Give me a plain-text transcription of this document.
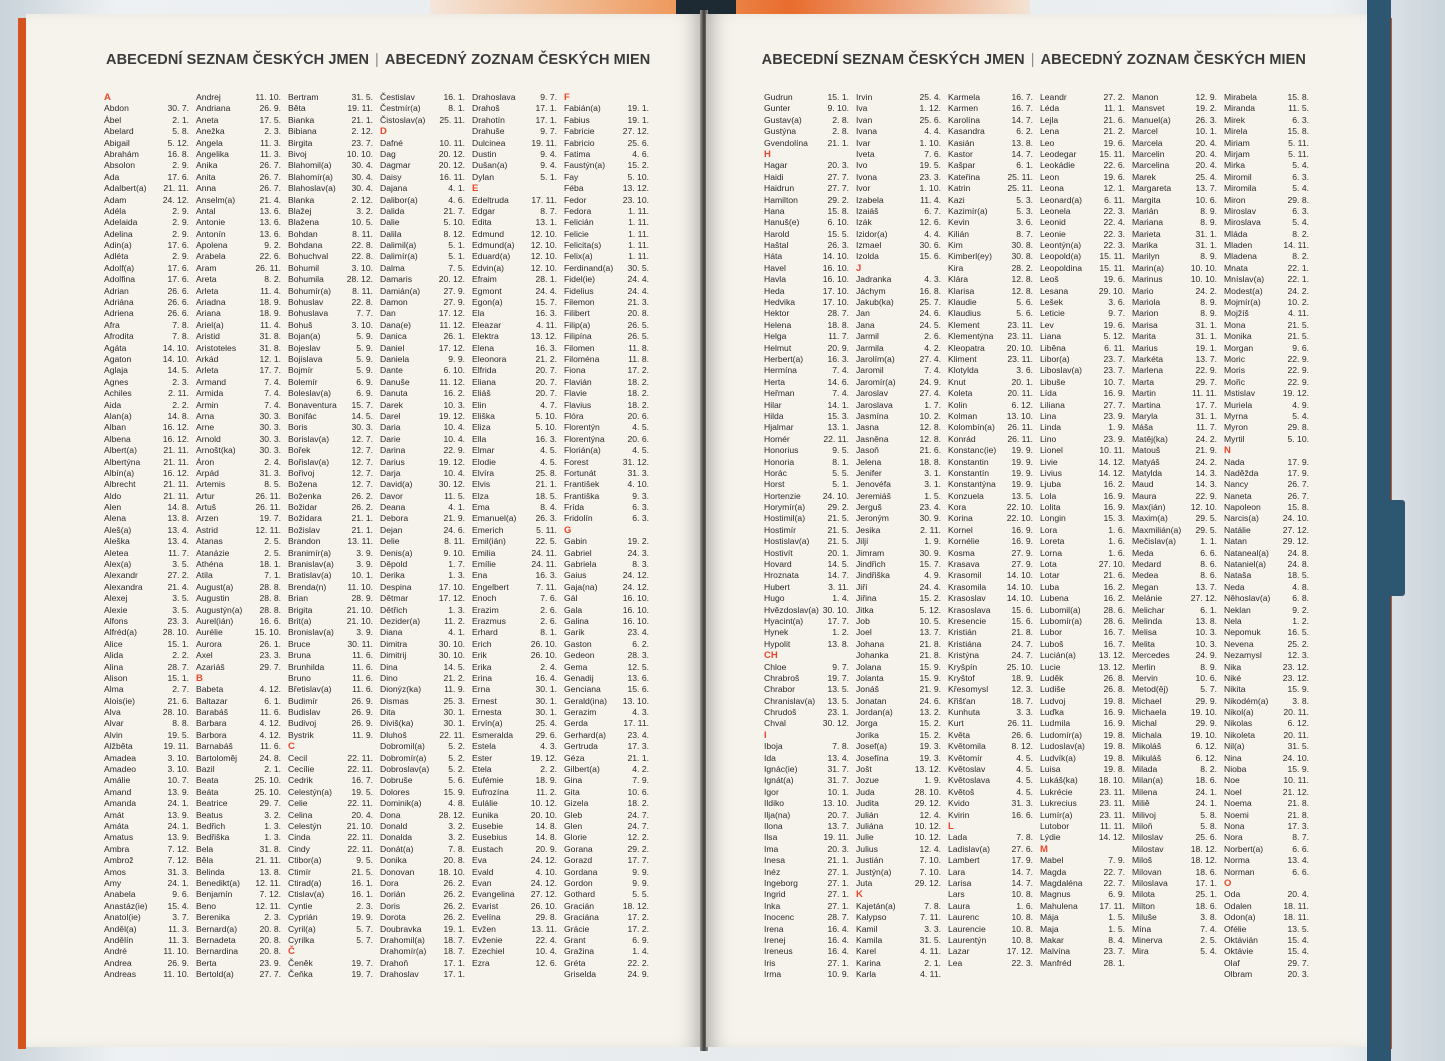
ABECEDNÍ SEZNAM ČESKÝCH JMEN | ABECEDNÝ ZOZNAM ČESKÝCH MIEN
A
Abdon	30. 7.
Ábel	2. 1.
Abelard	5. 8.
Abigail	5. 12.
Abrahám	16. 8.
Absolon	2. 9.
Ada	17. 6.
Adalbert(a) 21. 11.
Adam	24. 12.
Adéla	2. 9.
Adelaida	2. 9.
Adelina	2. 9.
Adin(a)	17. 6.
Adléta	2. 9.
Adolf(a)	17. 6.
Adolfina	17. 6.
Adrian	26. 6.
Adriána	26. 6.
Adriena	26. 6.
Afra	7. 8.
Afrodita	7. 8.
Agáta	14. 10.
Agaton	14. 10.
Aglaja	14. 5.
Agnes	2. 3.
Achiles	2. 11.
Aida	2. 2.
Alan(a)	14. 8.
Alban	16. 12.
Albena	16. 12.
Albert(a)	21. 11.
Albertýna	21. 11.
Albín(a)	16. 12.
Albrecht	21. 11.
Aldo	21. 11.
Alen	14. 8.
Alena	13. 8.
Aleš(a)	13. 4.
Aleška	13. 4.
Aletea	11. 7.
Alex(a)	3. 5.
Alexandr	27. 2.
Alexandra	21. 4.
Alexej	3. 5.
Alexie	3. 5.
Alfons	23. 3.
Alfréd(a)	28. 10.
Alice	15. 1.
Alida	2. 2.
Alina	28. 7.
Alison	15. 1.
Alma	2. 7.
Alois(ie)	21. 6.
Alva	28. 10.
Alvar	8. 8.
Alvin	19. 5.
Alžběta	19. 11.
Amadea	3. 10.
Amadeo	3. 10.
Amálie	10. 7.
Amand	13. 9.
Amanda	24. 1.
Amát	13. 9.
Amáta	24. 1.
Amatus	13. 9.
Ambra	7. 12.
Ambrož	7. 12.
Amos	31. 3.
Amy	24. 1.
Anabela	9. 6.
Anastáz(ie) 15. 4.
Anatol(ie)	3. 7.
Anděl(a)	11. 3.
Andělín	11. 3.
André	11. 10.
Andrea	26. 9.
Andreas	11. 10.
Andrej	11. 10.
Andriana	26. 9.
Aneta	17. 5.
Anežka	2. 3.
Angela	11. 3.
Angelika	11. 3.
Anika	26. 7.
Anita	26. 7.
Anna	26. 7.
Anselm(a)	21. 4.
Antal	13. 6.
Antonie	13. 6.
Antonín	13. 6.
Apolena	9. 2.
Arabela	22. 6.
Aram	26. 11.
Areta	8. 2.
Arleta	11. 4.
Ariadna	18. 9.
Ariana	18. 9.
Ariel(a)	11. 4.
Aristid	31. 8.
Aristoteles	31. 8.
Arkád	12. 1.
Arleta	17. 7.
Armand	7. 4.
Armida	7. 4.
Armin	7. 4.
Arna	30. 3.
Arne	30. 3.
Arnold	30. 3.
Arnošt(ka)	30. 3.
Áron	2. 4.
Arpád	31. 3.
Artemis	8. 5.
Artur	26. 11.
Artuš	26. 11.
Arzen	19. 7.
Astrid	12. 11.
Atanas	2. 5.
Atanázie	2. 5.
Athéna	18. 1.
Atila	7. 1.
August(a)	28. 8.
Augustin	28. 8.
Augustýn(a) 28. 8.
Aurel(ián)	16. 6.
Aurélie	15. 10.
Aurora	26. 1.
Axel	23. 3.
Azariáš	29. 7.
B
Babeta	4. 12.
Baltazar	6. 1.
Barabáš	11. 6.
Barbara	4. 12.
Barbora	4. 12.
Barnabáš	11. 6.
Bartoloměj	24. 8.
Bazil	2. 1.
Beata	25. 10.
Beáta	25. 10.
Beatrice	29. 7.
Beatus	3. 2.
Bedřich	1. 3.
Bedřiška	1. 3.
Bela	31. 8.
Běla	21. 11.
Belinda	13. 8.
Benedikt(a) 12. 11.
Benjamín	7. 12.
Beno	12. 11.
Berenika	2. 3.
Bernard(a)	20. 8.
Bernadeta	20. 8.
Bernardina 20. 8.
Berta	23. 9.
Bertold(a)	27. 7.
Bertram	31. 5.
Běta	19. 11.
Bianka	21. 1.
Bibiana	2. 12.
Birgita	23. 7.
Bivoj	10. 10.
Blahomil(a) 30. 4.
Blahomír(a) 30. 4.
Blahoslav(a) 30. 4.
Blanka	2. 12.
Blažej	3. 2.
Blažena	10. 5.
Bohdan	8. 11.
Bohdana	22. 8.
Bohuchval	22. 8.
Bohumil	3. 10.
Bohumila	28. 12.
Bohumír(a) 8. 11.
Bohuslav	22. 8.
Bohuslava	7. 7.
Bohuš	3. 10.
Bojan(a)	5. 9.
Bojeslav	5. 9.
Bojislava	5. 9.
Bojmír	5. 9.
Bolemír	6. 9.
Boleslav(a)	6. 9.
Bonaventura 15. 7.
Bonifác	14. 5.
Boris	30. 3.
Borislav(a)	12. 7.
Bořek	12. 7.
Bořislav(a)	12. 7.
Bořivoj	12. 7.
Božena	12. 7.
Boženka	26. 2.
Božidar	26. 2.
Božidara	21. 1.
Božislav	21. 1.
Brandon	13. 11.
Branimír(a)	3. 9.
Branislav(a)	3. 9.
Bratislav(a) 10. 1.
Brenda(n) 11. 10.
Brian	28. 9.
Brigita	21. 10.
Brit(a)	21. 10.
Bronislav(a)	3. 9.
Bruce	30. 11.
Bruna	11. 6.
Brunhilda	11. 6.
Bruno	11. 6.
Břetislav(a) 11. 6.
Budimír	26. 9.
Budislav	26. 9.
Budivoj	26. 9.
Bystrik	11. 9.
C
Cecil	22. 11.
Cecílie	22. 11.
Cedrik	16. 7.
Celestýn(a) 19. 5.
Celie	22. 11.
Celina	20. 4.
Celestýn	21. 10.
Cinda	22. 11.
Cindy	22. 11.
Ctibor(a)	9. 5.
Ctimír	21. 5.
Ctirad(a)	16. 1.
Ctislav(a)	16. 1.
Cyntie	2. 3.
Cyprián	19. 9.
Cyril(a)	5. 7.
Cyrilka	5. 7.
Č
Čeněk	19. 7.
Čeňka	19. 7.
Čestislav	16. 1.
Čestmír(a)	8. 1.
Čistoslav(a) 25. 11.
D
Dafné	10. 11.
Dag	20. 12.
Dagmar	20. 12.
Daisy	16. 11.
Dajana	4. 1.
Dalibor(a)	4. 6.
Dalida	21. 7.
Dalie	5. 10.
Dalila	8. 12.
Dalimil(a)	5. 1.
Dalimír(a)	5. 1.
Dalma	7. 5.
Damaris	20. 12.
Damián(a)	27. 9.
Damon	27. 9.
Dan	17. 12.
Dana(e)	11. 12.
Danica	26. 1.
Daniel	17. 12.
Daniela	9. 9.
Dante	6. 10.
Danuše	11. 12.
Danuta	16. 2.
Darek	10. 3.
Darel	19. 12.
Daria	10. 4.
Darie	10. 4.
Darina	22. 9.
Darius	19. 12.
Darja	10. 4.
David(a)	30. 12.
Davor	11. 5.
Deana	4. 1.
Debora	21. 9.
Dejan	24. 6.
Delie	8. 11.
Denis(a)	9. 10.
Děpold	1. 7.
Derika	1. 3.
Despina	17. 10.
Dětmar	17. 12.
Dětřich	1. 3.
Dezider(a)	11. 2.
Diana	4. 1.
Dimitra	30. 10.
Dimitrij	30. 10.
Dina	14. 5.
Dino	21. 2.
Dionýz(ka)	11. 9.
Dismas	25. 3.
Dita	30. 1.
Diviš(ka)	30. 1.
Dluhoš	22. 11.
Dobromil(a)	5. 2.
Dobromír(a)	5. 2.
Dobroslav(a) 5. 2.
Dobruše	5. 6.
Dolores	15. 9.
Dominik(a)	4. 8.
Dona	28. 12.
Donald	3. 2.
Donalda	3. 2.
Donát(a)	7. 8.
Donika	20. 8.
Donovan	18. 10.
Dora	26. 2.
Dorián	26. 2.
Doris	26. 2.
Dorota	26. 2.
Doubravka	19. 1.
Drahomil(a) 18. 7.
Drahomír(a) 18. 7.
Drahoň	17. 1.
Drahoslav	17. 1.
Drahoslava	9. 7.
Drahoš	17. 1.
Drahotín	17. 1.
Drahuše	9. 7.
Dulcinea	19. 11.
Dustin	9. 4.
Dušan(a)	9. 4.
Dylan	5. 1.
E
Edeltruda	17. 11.
Edgar	8. 7.
Edita	13. 1.
Edmund	12. 10.
Edmund(a) 12. 10.
Eduard(a) 12. 10.
Edvin(a)	12. 10.
Efraim	28. 1.
Egmont	24. 4.
Egon(a)	15. 7.
Ela	16. 3.
Eleazar	4. 11.
Elektra	13. 12.
Elena	16. 3.
Eleonora	21. 2.
Elfrida	20. 7.
Eliana	20. 7.
Eliáš	20. 7.
Elin	4. 7.
Eliška	5. 10.
Eliza	5. 10.
Ella	16. 3.
Elmar	4. 5.
Elodie	4. 5.
Elvíra	25. 8.
Elvis	21. 1.
Elza	18. 5.
Ema	8. 4.
Emanuel(a) 26. 3.
Emerich	5. 11.
Emil(ián)	22. 5.
Emilia	24. 11.
Emílie	24. 11.
Ena	16. 3.
Engelbert	7. 11.
Enoch	7. 6.
Erazim	2. 6.
Erazmus	2. 6.
Erhard	8. 1.
Erich	26. 10.
Erik	26. 10.
Erika	2. 4.
Erina	16. 4.
Erna	30. 1.
Ernest	30. 1.
Ernesta	30. 1.
Ervín(a)	25. 4.
Esmeralda	29. 6.
Estela	4. 3.
Ester	19. 12.
Etela	2. 2.
Eufémie	18. 9.
Eufrozína	11. 2.
Eulálie	10. 12.
Eunika	20. 10.
Eusebie	14. 8.
Eusebius	14. 8.
Eustach	20. 9.
Eva	24. 12.
Evald	4. 10.
Evan	24. 12.
Evangelina 27. 12.
Evarist	26. 10.
Evelína	29. 8.
Evžen	13. 11.
Evženie	22. 4.
Ezechiel	10. 4.
Ezra	12. 6.
F
Fabián(a)	19. 1.
Fabius	19. 1.
Fabricie	27. 12.
Fabricio	25. 6.
Fatima	4. 6.
Faustýn(a)	15. 2.
Fay	5. 10.
Féba	13. 12.
Fedor	23. 10.
Fedora	1. 11.
Felicián	1. 11.
Felicie	1. 11.
Felicita(s)	1. 11.
Felix(a)	1. 11.
Ferdinand(a) 30. 5.
Fidel(ie)	24. 4.
Fidelius	24. 4.
Filemon	21. 3.
Filibert	20. 8.
Filip(a)	26. 5.
Filipína	26. 5.
Filomen	11. 8.
Filoména	11. 8.
Fiona	17. 2.
Flavián	18. 2.
Flavie	18. 2.
Flavius	18. 2.
Flóra	20. 6.
Florentýn	4. 5.
Florentýna	20. 6.
Florián(a)	4. 5.
Forest	31. 12.
Fortunát	31. 3.
František	4. 10.
Františka	9. 3.
Frída	6. 3.
Fridolín	6. 3.
G
Gabin	19. 2.
Gabriel	24. 3.
Gabriela	8. 3.
Gaius	24. 12.
Gaja(na)	24. 12.
Gál	16. 10.
Gala	16. 10.
Galina	16. 10.
Garik	23. 4.
Gaston	6. 2.
Gedeon	28. 3.
Gema	12. 5.
Genadij	13. 6.
Genciana	15. 6.
Gerald(ina) 13. 10.
Gerazim	4. 3.
Gerda	17. 11.
Gerhard(a) 23. 4.
Gertruda	17. 3.
Géza	21. 1.
Gilbert(a)	4. 2.
Gina	7. 9.
Gita	10. 6.
Gizela	18. 2.
Gleb	24. 7.
Glen	24. 7.
Glorie	12. 2.
Gorana	29. 2.
Gorazd	17. 7.
Gordana	9. 9.
Gordon	9. 9.
Gothard	5. 5.
Gracián	18. 12.
Graciána	17. 2.
Grácie	17. 2.
Grant	6. 9.
Gražina	1. 4.
Gréta	22. 2.
Griselda	24. 9.
ABECEDNÍ SEZNAM ČESKÝCH JMEN | ABECEDNÝ ZOZNAM ČESKÝCH MIEN
Gudrun	15. 1.
Gunter	9. 10.
Gustav(a)	2. 8.
Gustýna	2. 8.
Gvendolína 21. 1.
H
Hagar	20. 3.
Haidi	27. 7.
Haidrun	27. 7.
Hamilton	29. 2.
Hana	15. 8.
Hanuš(e)	6. 10.
Harold	15. 5.
Haštal	26. 3.
Háta	14. 10.
Havel	16. 10.
Havla	16. 10.
Heda	17. 10.
Hedvika	17. 10.
Hektor	28. 7.
Helena	18. 8.
Helga	11. 7.
Helmut	20. 9.
Herbert(a)	16. 3.
Hermína	7. 4.
Herta	14. 6.
Heřman	7. 4.
Hilar	14. 1.
Hilda	15. 3.
Hjalmar	13. 1.
Homér	22. 11.
Honorius	9. 5.
Honoria	8. 1.
Horác	5. 5.
Horst	5. 1.
Hortenzie	24. 10.
Horymír(a)	29. 2.
Hostimil(a)	21. 5.
Hostimír	21. 5.
Hostislav(a) 21. 5.
Hostivít	20. 1.
Hovard	14. 5.
Hroznata	14. 7.
Hubert	3. 11.
Hugo	1. 4.
Hvězdoslav(a) 30. 10.
Hyacint(a)	17. 7.
Hynek	1. 2.
Hypolit	13. 8.
CH
Chloe	9. 7.
Chrabroš	19. 7.
Chrabor	13. 5.
Chranislav(a) 13. 5.
Chrudoš	23. 1.
Chval	30. 12.
I
Iboja	7. 8.
Ida	13. 4.
Ignác(ie)	31. 7.
Ignát(a)	31. 7.
Igor	10. 1.
Ildiko	13. 10.
Ilja(na)	20. 7.
Ilona	13. 7.
Ilsa	19. 11.
Ima	20. 3.
Inesa	21. 1.
Inéz	27. 1.
Ingeborg	27. 1.
Ingrid	27. 1.
Inka	27. 1.
Inocenc	28. 7.
Irena	16. 4.
Irenej	16. 4.
Ireneus	16. 4.
Iris	27. 1.
Irma	10. 9.
Irvin	25. 4.
Iva	1. 12.
Ivan	25. 6.
Ivana	4. 4.
Ivar	1. 10.
Iveta	7. 6.
Ivo	19. 5.
Ivona	23. 3.
Ivor	1. 10.
Izabela	11. 4.
Izaiáš	6. 7.
Izák	12. 6.
Izidor(a)	4. 4.
Izmael	30. 6.
Izolda	15. 6.
J
Jadranka	4. 3.
Jáchym	16. 8.
Jakub(ka)	25. 7.
Jan	24. 6.
Jana	24. 5.
Jarmil	2. 6.
Jarmila	4. 2.
Jarolím(a)	27. 4.
Jaromil	7. 4.
Jaromír(a)	24. 9.
Jaroslav	27. 4.
Jaroslava	1. 7.
Jasmína	10. 2.
Jasna	12. 8.
Jasněna	12. 8.
Jasoň	21. 6.
Jelena	18. 8.
Jenifer	3. 1.
Jenovéfa	3. 1.
Jeremiáš	1. 5.
Jerguš	23. 4.
Jeroným	30. 9.
Jesika	2. 11.
Jiljí	1. 9.
Jimram	30. 9.
Jindřich	15. 7.
Jindřiška	4. 9.
Jiří	24. 4.
Jiřina	15. 2.
Jitka	5. 12.
Job	10. 5.
Joel	13. 7.
Johana	21. 8.
Johanka	21. 8.
Jolana	15. 9.
Jolanta	15. 9.
Jonáš	21. 9.
Jonatan	24. 6.
Jordan(a)	13. 2.
Jorga	15. 2.
Jorika	15. 2.
Josef(a)	19. 3.
Josefína	19. 3.
Jošt	13. 12.
Jozue	1. 9.
Juda	28. 10.
Judita	29. 12.
Julián	12. 4.
Juliána	10. 12.
Julie	10. 12.
Julius	12. 4.
Justián	7. 10.
Justýn(a)	7. 10.
Juta	29. 12.
K
Kajetán(a)	7. 8.
Kalypso	7. 11.
Kamil	3. 3.
Kamila	31. 5.
Karel	4. 11.
Karina	2. 1.
Karla	4. 11.
Karmela	16. 7.
Karmen	16. 7.
Karolína	14. 7.
Kasandra	6. 2.
Kasián	13. 8.
Kastor	14. 7.
Kašpar	6. 1.
Kateřina	25. 11.
Katrin	25. 11.
Kazi	5. 3.
Kazimír(a)	5. 3.
Kevin	3. 6.
Kilián	8. 7.
Kim	30. 8.
Kimberl(ey) 30. 8.
Kira	28. 2.
Klára	12. 8.
Klarisa	12. 8.
Klaudie	5. 6.
Klaudius	5. 6.
Klement	23. 11.
Klementýna 23. 11.
Kleopatra	20. 10.
Kliment	23. 11.
Klotylda	3. 6.
Knut	20. 1.
Koleta	20. 11.
Kolin	6. 12.
Kolman	13. 10.
Kolombín(a) 26. 11.
Konrád	26. 11.
Konstanc(ie) 19. 9.
Konstantin	19. 9.
Konstantín	19. 9.
Konstantýna 19. 9.
Konzuela	13. 5.
Kora	22. 10.
Korina	22. 10.
Kornel	16. 9.
Kornélie	16. 9.
Kosma	27. 9.
Krasava	27. 9.
Krasomil	14. 10.
Krasomila 14. 10.
Krasoslav 14. 10.
Krasoslava 15. 6.
Kresencie	15. 6.
Kristián	21. 8.
Kristiána	24. 7.
Kristýna	24. 7.
Kryšpín	25. 10.
Kryštof	18. 9.
Křesomysl	12. 3.
Křišťan	18. 7.
Kunhuta	3. 3.
Kurt	26. 11.
Květa	26. 6.
Květomila	8. 12.
Květomír	4. 5.
Květoslav	4. 5.
Květoslava	4. 5.
Květoš	4. 5.
Kvido	31. 3.
Kvirin	16. 6.
L
Lada	7. 8.
Ladislav(a) 27. 6.
Lambert	17. 9.
Lara	14. 7.
Larisa	14. 7.
Lars	10. 8.
Laura	1. 6.
Laurenc	10. 8.
Laurencie	10. 8.
Laurentýn	10. 8.
Lazar	17. 12.
Lea	22. 3.
Leandr	27. 2.
Léda	11. 1.
Lejla	21. 6.
Lena	21. 2.
Leo	19. 6.
Leodegar	15. 11.
Leokádie	22. 6.
Leon	19. 6.
Leona	12. 1.
Leonard(a)	6. 11.
Leonela	22. 3.
Leonid	22. 4.
Leonie	22. 3.
Leontýn(a)	22. 3.
Leopold(a) 15. 11.
Leopoldina 15. 11.
Leoš	19. 6.
Lesana	29. 10.
Lešek	3. 6.
Leticie	9. 7.
Lev	19. 6.
Liana	5. 12.
Liběna	6. 11.
Libor(a)	23. 7.
Liboslav(a) 23. 7.
Libuše	10. 7.
Lída	16. 9.
Liliana	27. 7.
Lina	23. 9.
Linda	1. 9.
Lino	23. 9.
Lionel	10. 11.
Livie	14. 12.
Livius	14. 12.
Ljuba	16. 2.
Lola	16. 9.
Lolita	16. 9.
Longin	15. 3.
Lora	1. 6.
Loreta	1. 6.
Lorna	1. 6.
Lota	27. 10.
Lotar	21. 6.
Luba	16. 2.
Lubena	16. 2.
Lubomil(a)	28. 6.
Lubomír(a) 28. 6.
Lubor	16. 7.
Luboš	16. 7.
Lucián(a)	13. 12.
Lucie	13. 12.
Luděk	26. 8.
Ludiše	26. 8.
Ludvoj	19. 8.
Luďka	16. 9.
Ludmila	16. 9.
Ludomír(a) 19. 8.
Ludoslav(a) 19. 8.
Ludvík(a)	19. 8.
Luisa	19. 8.
Lukáš(ka) 18. 10.
Lukrécie	23. 11.
Lukrecius	23. 11.
Lumír(a)	23. 11.
Lutobor	11. 11.
Lýdie	14. 12.
M
Mabel	7. 9.
Magda	22. 7.
Magdaléna 22. 7.
Magnus	6. 9.
Mahulena	17. 11.
Mája	1. 5.
Maja	1. 5.
Makar	8. 4.
Malvína	23. 7.
Manfréd	28. 1.
Manon	12. 9.
Mansvet	19. 2.
Manuel(a)	26. 3.
Marcel	10. 1.
Marcela	20. 4.
Marcelin	20. 4.
Marcelina	20. 4.
Marek	25. 4.
Margareta	13. 7.
Margita	10. 6.
Marián	8. 9.
Mariana	8. 9.
Marieta	31. 1.
Marika	31. 1.
Marilyn	8. 9.
Marin(a)	10. 10.
Marinus	10. 10.
Mario	24. 2.
Mariola	8. 9.
Marion	8. 9.
Marisa	31. 1.
Marita	31. 1.
Marius	19. 1.
Markéta	13. 7.
Marlena	22. 9.
Marta	29. 7.
Martin	11. 11.
Martina	17. 7.
Maryla	31. 1.
Máša	11. 7.
Matěj(ka)	24. 2.
Matouš	21. 9.
Matyáš	24. 2.
Matylda	14. 3.
Maud	14. 3.
Maura	22. 9.
Max(ián)	12. 10.
Maxim(a)	29. 5.
Maxmilián(a) 29. 5.
Mečislav(a)	1. 1.
Meda	6. 6.
Medard	8. 6.
Medea	8. 6.
Megan	13. 7.
Melánie	27. 12.
Melichar	6. 1.
Melinda	13. 8.
Melisa	10. 3.
Melita	10. 3.
Mercedes	24. 9.
Merlin	8. 9.
Mervin	10. 6.
Metod(ěj)	5. 7.
Michael	29. 9.
Michaela	19. 10.
Michal	29. 9.
Michala	19. 10.
Mikoláš	6. 12.
Mikuláš	6. 12.
Milada	8. 2.
Milan(a)	18. 6.
Milena	24. 1.
Miliě	24. 1.
Milivoj	5. 8.
Miloň	5. 8.
Miloslav	25. 6.
Milostav	18. 12.
Miloš	18. 12.
Milovan	18. 6.
Miloslava	17. 1.
Milota	25. 1.
Milton	18. 6.
Miluše	3. 8.
Mína	7. 4.
Minerva	2. 5.
Mira	5. 4.
Mirabela	15. 8.
Miranda	11. 5.
Mirek	6. 3.
Mirela	15. 8.
Miriam	5. 11.
Mirjam	5. 11.
Mirka	5. 4.
Miromil	6. 3.
Miromila	5. 4.
Miron	29. 8.
Miroslav	6. 3.
Miroslava	5. 4.
Mláda	8. 2.
Mladen	14. 11.
Mladena	8. 2.
Mnata	22. 1.
Mníslav(a)	22. 1.
Modest(a)	24. 2.
Mojmír(a)	10. 2.
Mojžíš	4. 11.
Mona	21. 5.
Monika	21. 5.
Morgan	9. 6.
Moric	22. 9.
Moris	22. 9.
Mořic	22. 9.
Mstislav	19. 12.
Muriela	4. 9.
Myrna	5. 4.
Myron	29. 8.
Myrtil	5. 10.
N
Nada	17. 9.
Naděžda	17. 9.
Nancy	26. 7.
Naneta	26. 7.
Napoleon	15. 8.
Narcis(a)	24. 10.
Natálie	27. 12.
Natan	29. 12.
Nataneal(a) 24. 8.
Nataniel(a) 24. 8.
Nataša	18. 5.
Neda	4. 8.
Něhoslav(a)	6. 8.
Neklan	9. 2.
Nela	1. 2.
Nepomuk	16. 5.
Nevena	25. 2.
Nezamysl	12. 3.
Nika	23. 12.
Niké	23. 12.
Nikita	15. 9.
Nikodém(a)	3. 8.
Nikol(a)	20. 11.
Nikolas	6. 12.
Nikoleta	20. 11.
Nil(a)	31. 5.
Nina	24. 10.
Nioba	15. 9.
Noe	10. 11.
Noel	21. 12.
Noema	21. 8.
Noemi	21. 8.
Nona	17. 3.
Nora	8. 7.
Norbert(a)	6. 6.
Norma	13. 4.
Norman	6. 6.
O
Oda	20. 4.
Odalen	18. 11.
Odon(a)	18. 11.
Ofélie	13. 5.
Oktávián	15. 4.
Oktávie	15. 4.
Olaf	29. 7.
Olbram	20. 3.
